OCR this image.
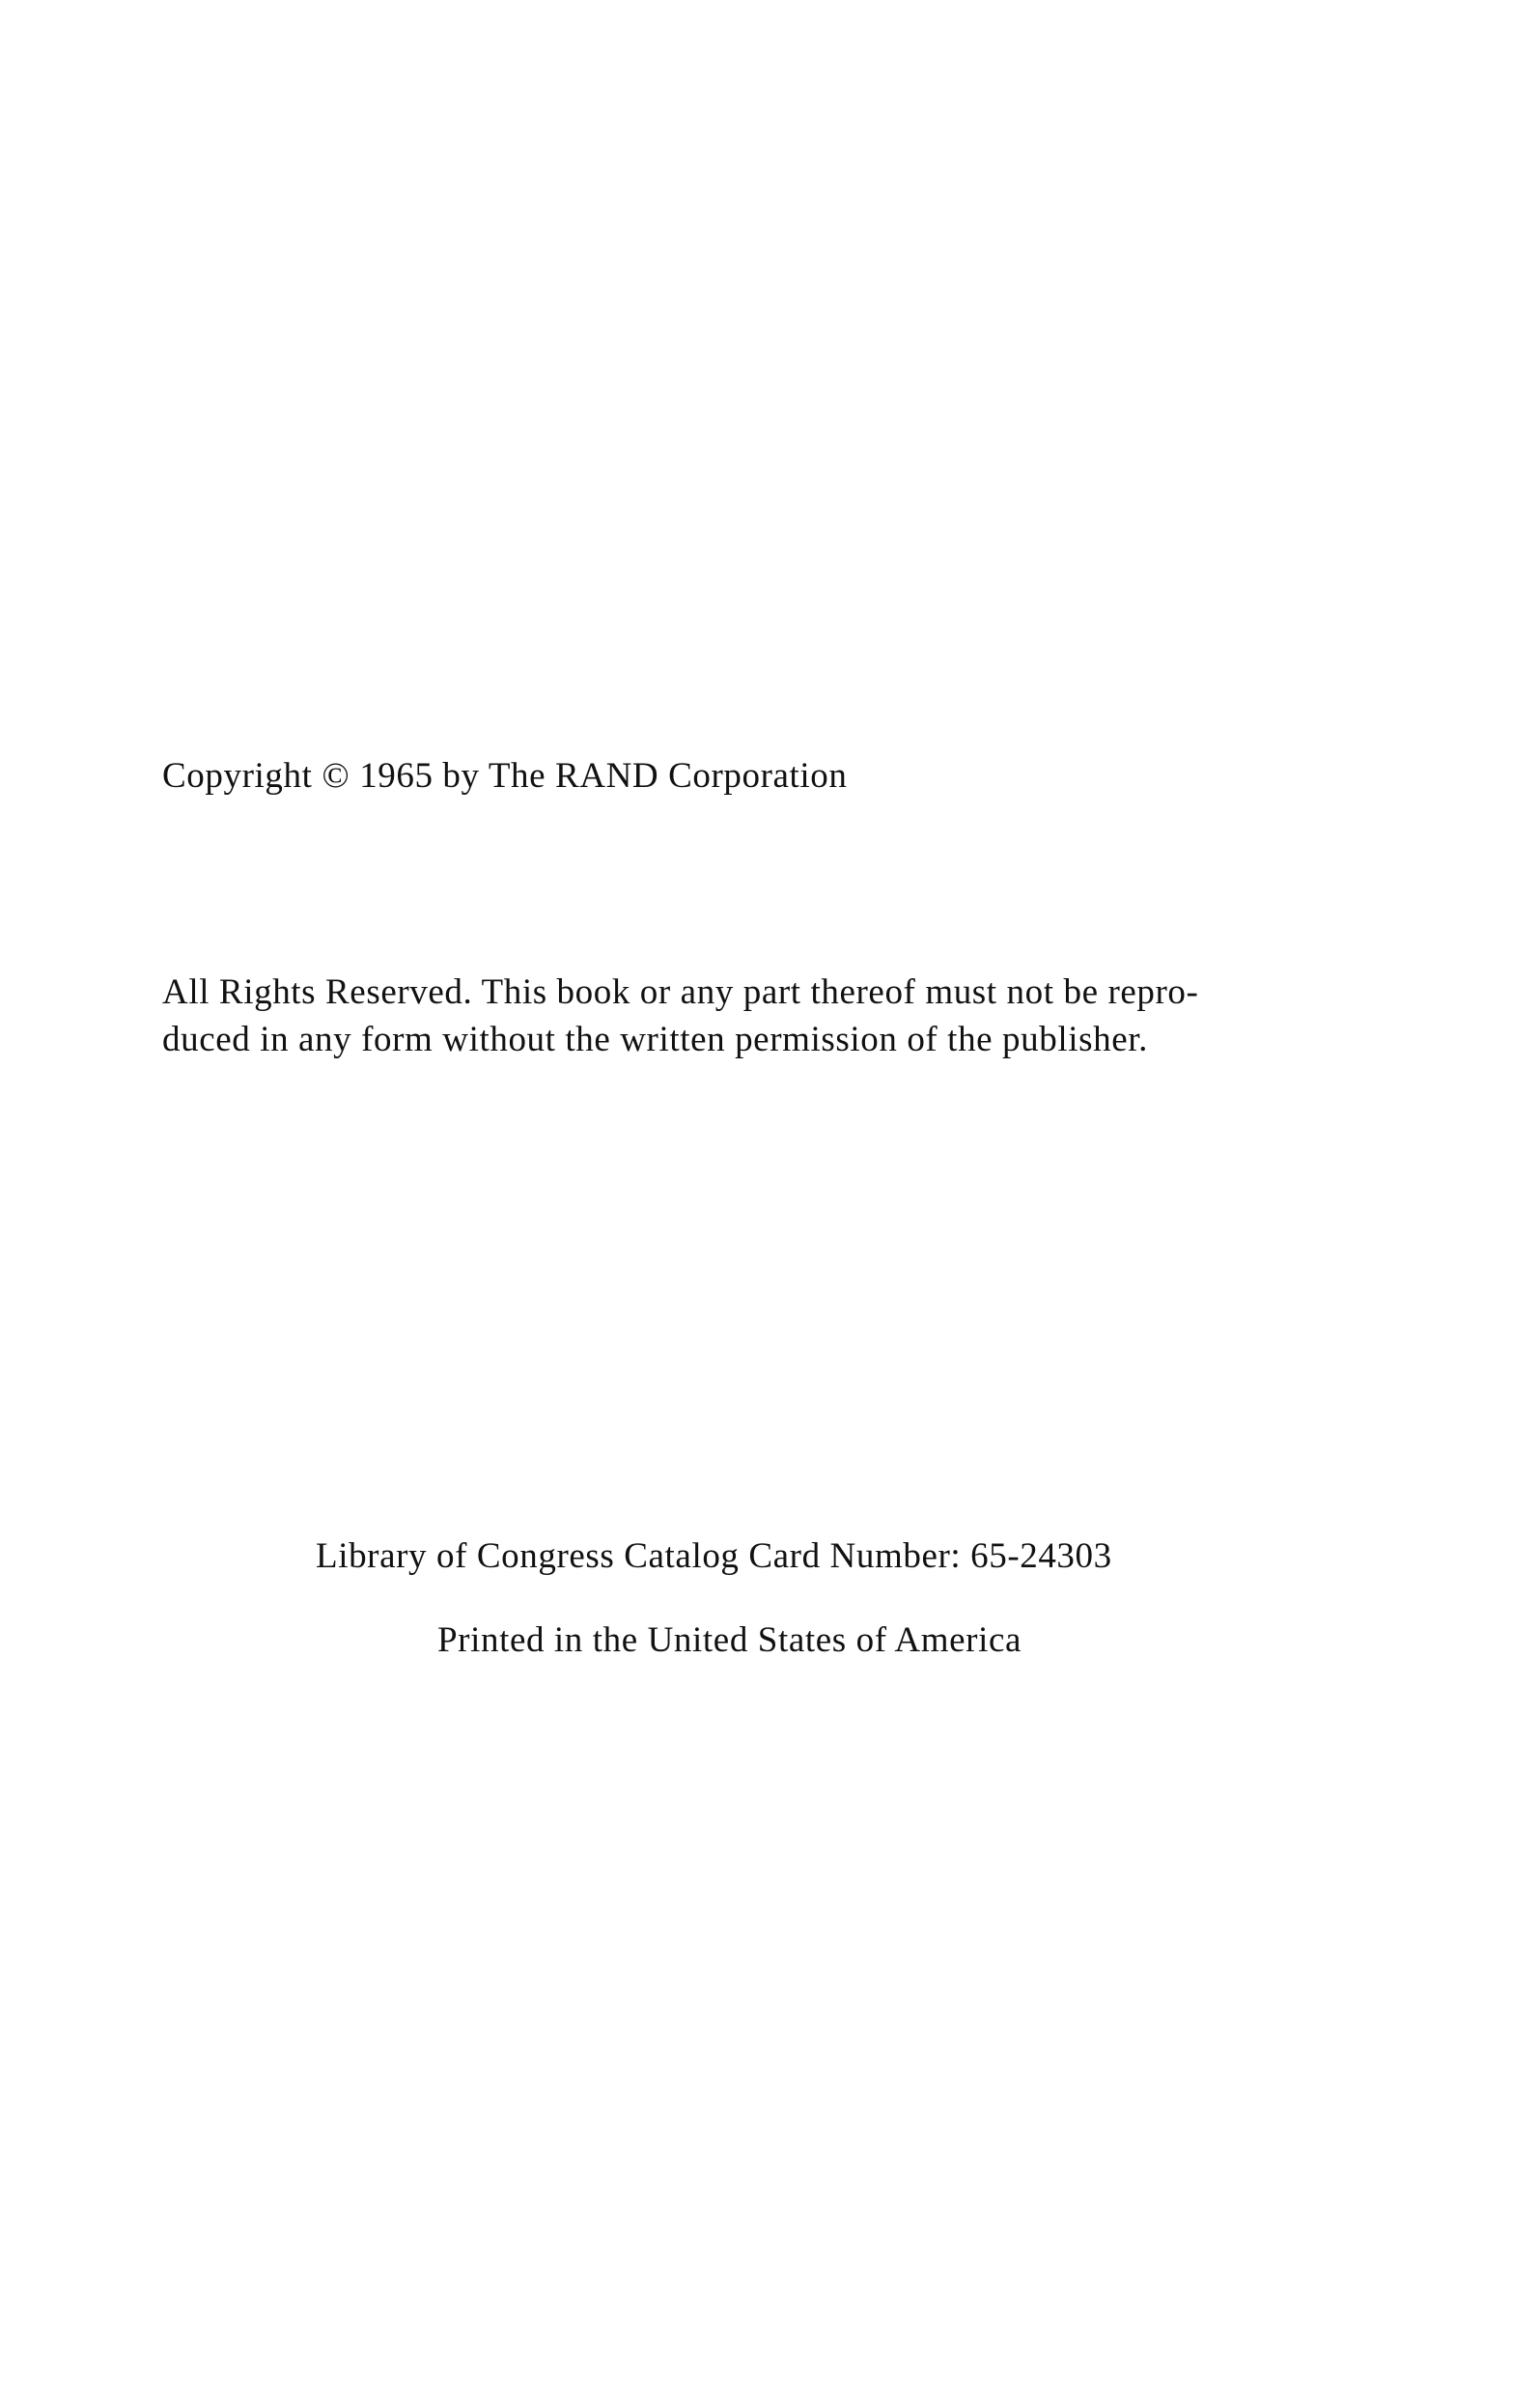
Copyright © 1965 by The RAND Corporation
All Rights Reserved. This book or any part thereof must not be repro-
duced in any form without the written permission of the publisher.
Library of Congress Catalog Card Number: 65-24303
Printed in the United States of America
